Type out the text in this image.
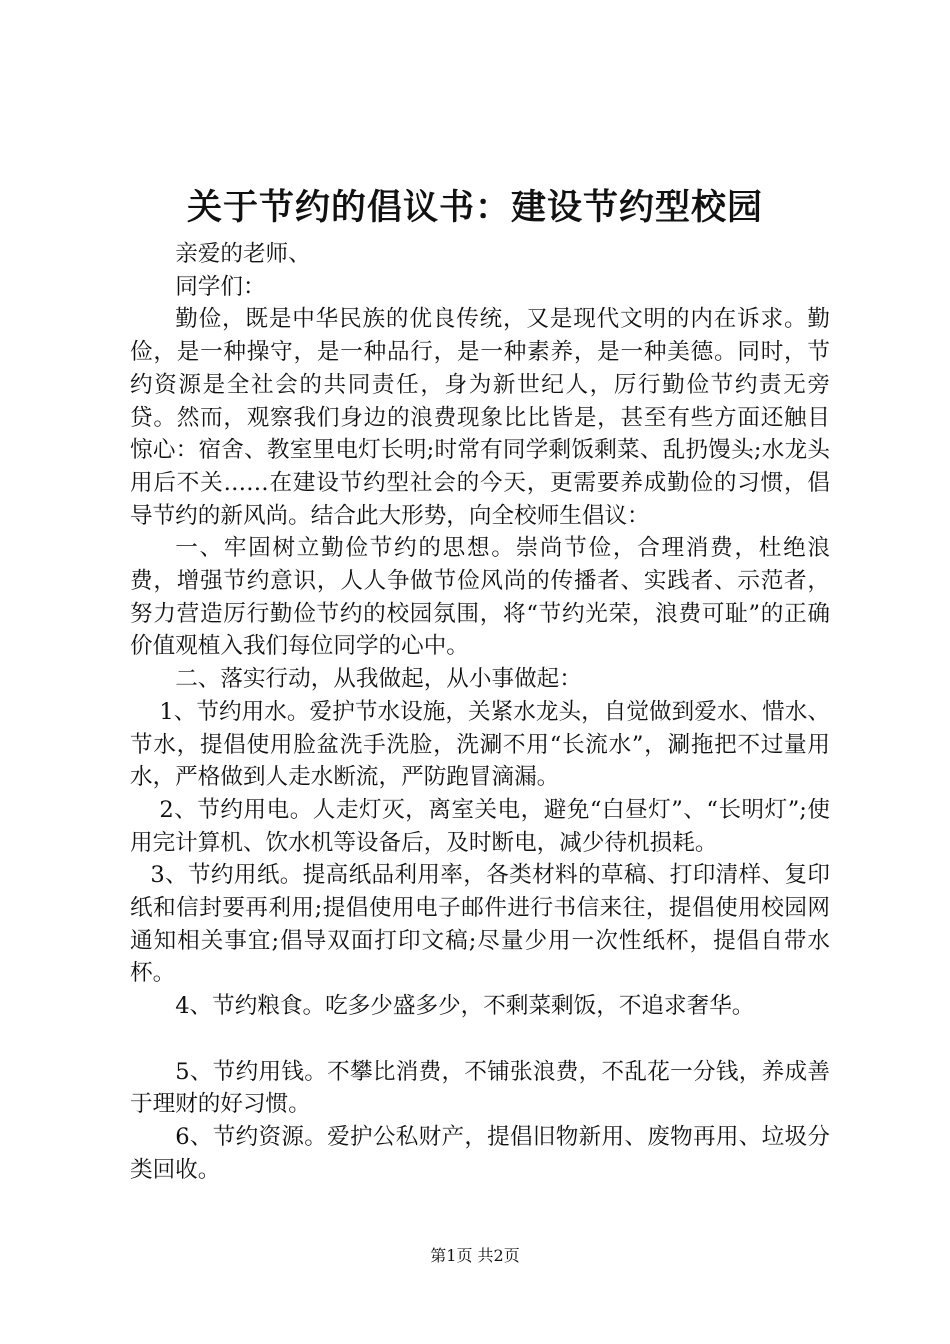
关于节约的倡议书：建设节约型校园

亲爱的老师、

同学们：

勤俭，既是中华民族的优良传统，又是现代文明的内在诉求。勤俭，是一种操守，是一种品行，是一种素养，是一种美德。同时，节约资源是全社会的共同责任，身为新世纪人，厉行勤俭节约责无旁贷。然而，观察我们身边的浪费现象比比皆是，甚至有些方面还触目惊心：宿舍、教室里电灯长明;时常有同学剩饭剩菜、乱扔馒头;水龙头用后不关……在建设节约型社会的今天，更需要养成勤俭的习惯，倡导节约的新风尚。结合此大形势，向全校师生倡议：

一、牢固树立勤俭节约的思想。崇尚节俭，合理消费，杜绝浪费，增强节约意识，人人争做节俭风尚的传播者、实践者、示范者，努力营造厉行勤俭节约的校园氛围，将“节约光荣，浪费可耻”的正确价值观植入我们每位同学的心中。

二、落实行动，从我做起，从小事做起：

1、节约用水。爱护节水设施，关紧水龙头，自觉做到爱水、惜水、节水，提倡使用脸盆洗手洗脸，洗涮不用“长流水”，涮拖把不过量用水，严格做到人走水断流，严防跑冒滴漏。

2、节约用电。人走灯灭，离室关电，避免“白昼灯”、“长明灯”;使用完计算机、饮水机等设备后，及时断电，减少待机损耗。

3、节约用纸。提高纸品利用率，各类材料的草稿、打印清样、复印纸和信封要再利用;提倡使用电子邮件进行书信来往，提倡使用校园网通知相关事宜;倡导双面打印文稿;尽量少用一次性纸杯，提倡自带水杯。

4、节约粮食。吃多少盛多少，不剩菜剩饭，不追求奢华。

5、节约用钱。不攀比消费，不铺张浪费，不乱花一分钱，养成善于理财的好习惯。

6、节约资源。爱护公私财产，提倡旧物新用、废物再用、垃圾分类回收。

第1页 共2页
